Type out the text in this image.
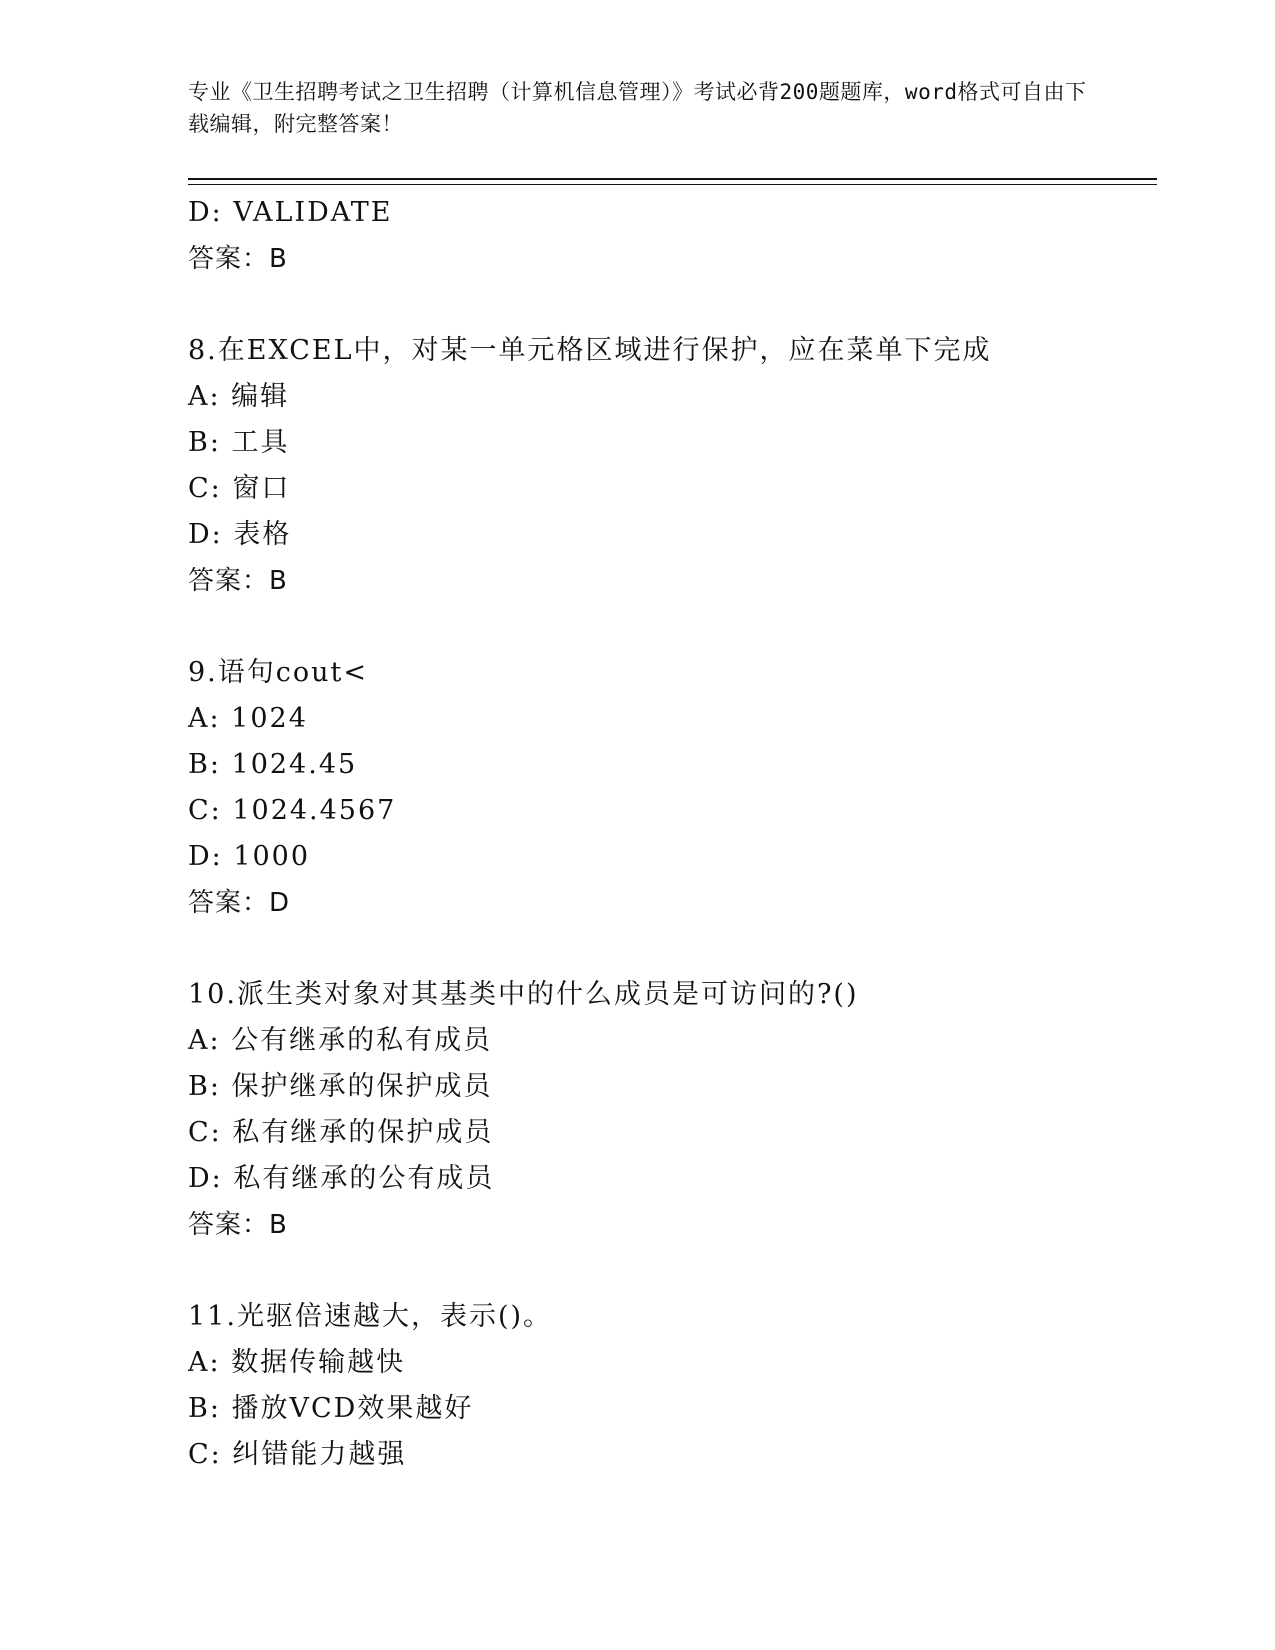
专业《卫生招聘考试之卫生招聘（计算机信息管理）》考试必背200题题库，word格式可自由下载编辑，附完整答案！
D: VALIDATE
答案：B
8.在EXCEL中，对某一单元格区域进行保护，应在菜单下完成
A: 编辑
B: 工具
C: 窗口
D: 表格
答案：B
9.语句cout<
A: 1024
B: 1024.45
C: 1024.4567
D: 1000
答案：D
10.派生类对象对其基类中的什么成员是可访问的?()
A: 公有继承的私有成员
B: 保护继承的保护成员
C: 私有继承的保护成员
D: 私有继承的公有成员
答案：B
11.光驱倍速越大，表示()。
A: 数据传输越快
B: 播放VCD效果越好
C: 纠错能力越强
